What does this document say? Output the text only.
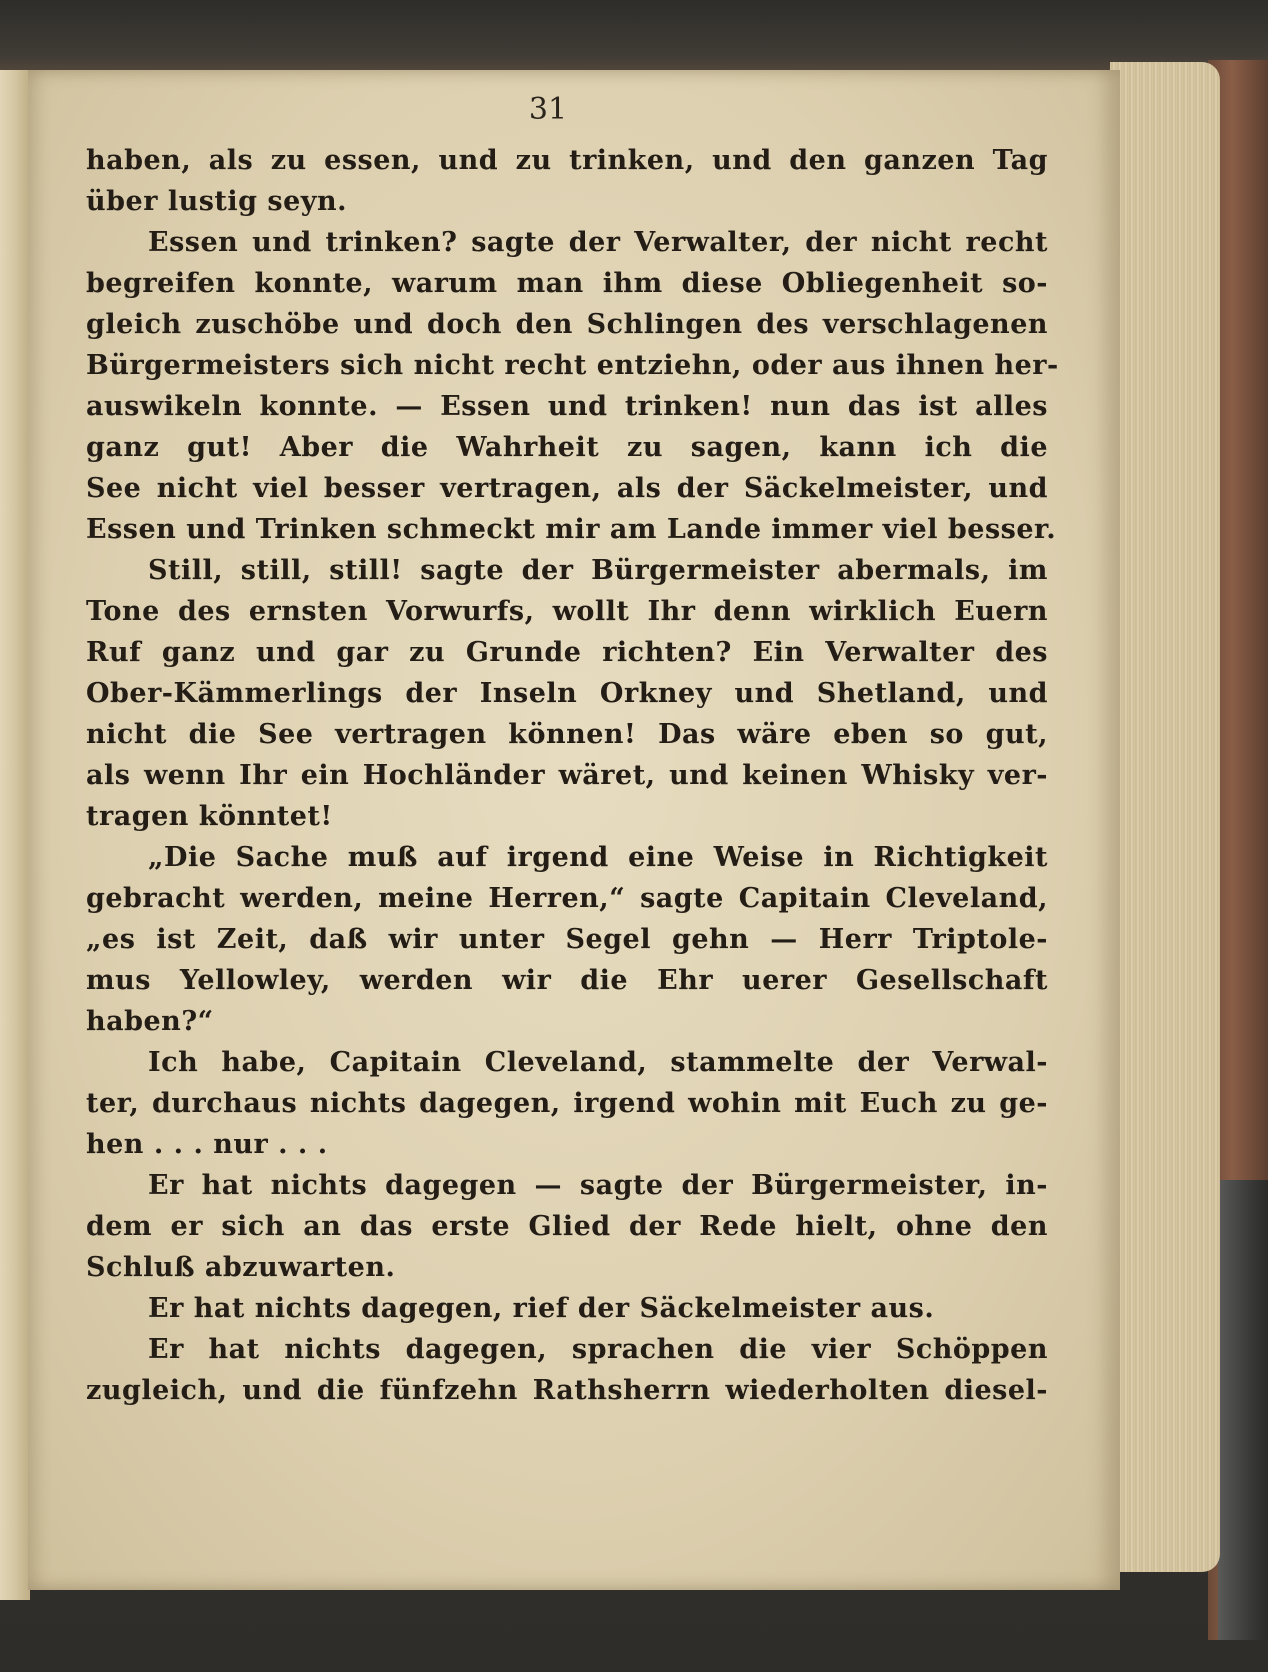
31
haben, als zu essen, und zu trinken, und den ganzen Tag
über lustig seyn.
Essen und trinken? sagte der Verwalter, der nicht recht
begreifen konnte, warum man ihm diese Obliegenheit so-
gleich zuschöbe und doch den Schlingen des verschlagenen
Bürgermeisters sich nicht recht entziehn, oder aus ihnen her-
auswikeln konnte. — Essen und trinken! nun das ist alles
ganz gut! Aber die Wahrheit zu sagen, kann ich die
See nicht viel besser vertragen, als der Säckelmeister, und
Essen und Trinken schmeckt mir am Lande immer viel besser.
Still, still, still! sagte der Bürgermeister abermals, im
Tone des ernsten Vorwurfs, wollt Ihr denn wirklich Euern
Ruf ganz und gar zu Grunde richten? Ein Verwalter des
Ober-Kämmerlings der Inseln Orkney und Shetland, und
nicht die See vertragen können! Das wäre eben so gut,
als wenn Ihr ein Hochländer wäret, und keinen Whisky ver-
tragen könntet!
„Die Sache muß auf irgend eine Weise in Richtigkeit
gebracht werden, meine Herren,“ sagte Capitain Cleveland,
„es ist Zeit, daß wir unter Segel gehn — Herr Triptole-
mus Yellowley, werden wir die Ehr uerer Gesellschaft
haben?“
Ich habe, Capitain Cleveland, stammelte der Verwal-
ter, durchaus nichts dagegen, irgend wohin mit Euch zu ge-
hen . . . nur . . .
Er hat nichts dagegen — sagte der Bürgermeister, in-
dem er sich an das erste Glied der Rede hielt, ohne den
Schluß abzuwarten.
Er hat nichts dagegen, rief der Säckelmeister aus.
Er hat nichts dagegen, sprachen die vier Schöppen
zugleich, und die fünfzehn Rathsherrn wiederholten diesel-
